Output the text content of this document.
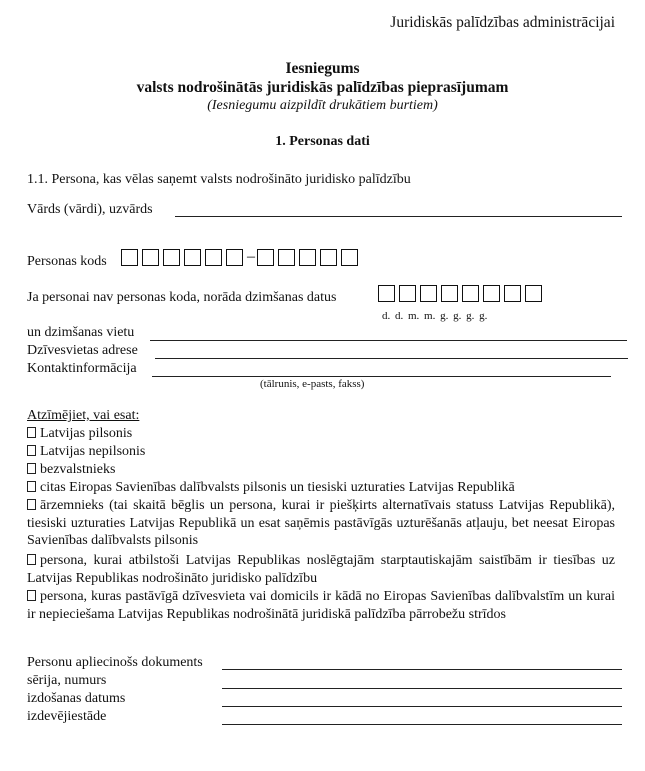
Juridiskās palīdzības administrācijai
Iesniegums
valsts nodrošinātās juridiskās palīdzības pieprasījumam
(Iesniegumu aizpildīt drukātiem burtiem)
1. Personas dati
1.1. Persona, kas vēlas saņemt valsts nodrošināto juridisko palīdzību
Vārds (vārdi), uzvārds
Personas kods	–
Ja personai nav personas koda, norāda dzimšanas datus
d. d. m. m. g. g. g. g.
un dzimšanas vietu
Dzīvesvietas adrese
Kontaktinformācija
(tālrunis, e-pasts, fakss)
Atzīmējiet, vai esat:
Latvijas pilsonis
Latvijas nepilsonis
bezvalstnieks
citas Eiropas Savienības dalībvalsts pilsonis un tiesiski uzturaties Latvijas Republikā
ārzemnieks (tai skaitā bēglis un persona, kurai ir piešķirts alternatīvais statuss Latvijas Republikā), tiesiski uzturaties Latvijas Republikā un esat saņēmis pastāvīgās uzturēšanās atļauju, bet neesat Eiropas Savienības dalībvalsts pilsonis
persona, kurai atbilstoši Latvijas Republikas noslēgtajām starptautiskajām saistībām ir tiesības uz Latvijas Republikas nodrošināto juridisko palīdzību
persona, kuras pastāvīgā dzīvesvieta vai domicils ir kādā no Eiropas Savienības dalībvalstīm un kurai ir nepieciešama Latvijas Republikas nodrošinātā juridiskā palīdzība pārrobežu strīdos
Personu apliecinošs dokuments
sērija, numurs
izdošanas datums
izdevējiestāde
